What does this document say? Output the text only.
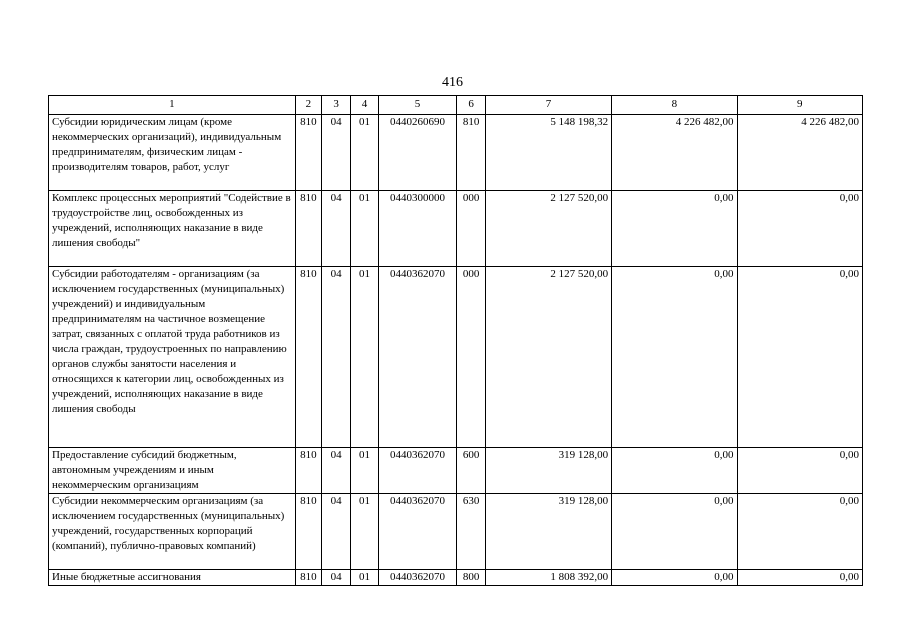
416
1	2	3	4	5	6	7	8	9
Субсидии юридическим лицам (кроме некоммерческих организаций), индивидуальным предпринимателям, физическим лицам - производителям товаров, работ, услуг	810	04	01	0440260690	810	5 148 198,32	4 226 482,00	4 226 482,00
Комплекс процессных мероприятий "Содействие в трудоустройстве лиц, освобожденных из учреждений, исполняющих наказание в виде лишения свободы"	810	04	01	0440300000	000	2 127 520,00	0,00	0,00
Субсидии работодателям - организациям (за исключением государственных (муниципальных) учреждений) и индивидуальным предпринимателям на частичное возмещение затрат, связанных с оплатой труда работников из числа граждан, трудоустроенных по направлению органов службы занятости населения и относящихся к категории лиц, освобожденных из учреждений, исполняющих наказание в виде лишения свободы	810	04	01	0440362070	000	2 127 520,00	0,00	0,00
Предоставление субсидий бюджетным, автономным учреждениям и иным некоммерческим организациям	810	04	01	0440362070	600	319 128,00	0,00	0,00
Субсидии некоммерческим организациям (за исключением государственных (муниципальных) учреждений, государственных корпораций (компаний), публично-правовых компаний)	810	04	01	0440362070	630	319 128,00	0,00	0,00
Иные бюджетные ассигнования	810	04	01	0440362070	800	1 808 392,00	0,00	0,00
